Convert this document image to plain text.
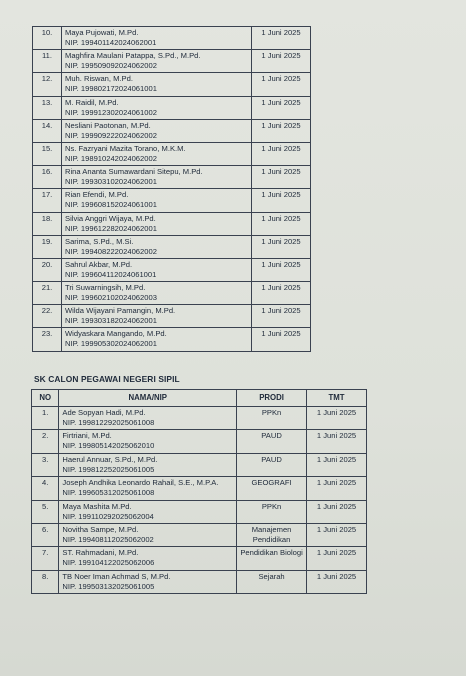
10.	Maya Pujowati, M.Pd.
NIP. 199401142024062001	1 Juni 2025
11.	Maghfira Maulani Patappa, S.Pd., M.Pd.
NIP. 199509092024062002	1 Juni 2025
12.	Muh. Riswan, M.Pd.
NIP. 199802172024061001	1 Juni 2025
13.	M. Raidil, M.Pd.
NIP. 199912302024061002	1 Juni 2025
14.	Nesliani Paotonan, M.Pd.
NIP. 199909222024062002	1 Juni 2025
15.	Ns. Fazryani Mazita Torano, M.K.M.
NIP. 198910242024062002	1 Juni 2025
16.	Rina Ananta Sumawardani Sitepu, M.Pd.
NIP. 199303102024062001	1 Juni 2025
17.	Rian Efendi, M.Pd.
NIP. 199608152024061001	1 Juni 2025
18.	Silvia Anggri Wijaya, M.Pd.
NIP. 199612282024062001	1 Juni 2025
19.	Sarima, S.Pd., M.Si.
NIP. 199408222024062002	1 Juni 2025
20.	Sahrul Akbar, M.Pd.
NIP. 199604112024061001	1 Juni 2025
21.	Tri Suwarningsih, M.Pd.
NIP. 199602102024062003	1 Juni 2025
22.	Wilda Wijayani Pamangin, M.Pd.
NIP. 199303182024062001	1 Juni 2025
23.	Widyaskara Mangando, M.Pd.
NIP. 199905302024062001	1 Juni 2025
SK CALON PEGAWAI NEGERI SIPIL
NO	NAMA/NIP	PRODI	TMT
1.	Ade Sopyan Hadi, M.Pd.
NIP. 199812292025061008	PPKn	1 Juni 2025
2.	Firtriani, M.Pd.
NIP. 199805142025062010	PAUD	1 Juni 2025
3.	Haerul Annuar, S.Pd., M.Pd.
NIP. 199812252025061005	PAUD	1 Juni 2025
4.	Joseph Andhika Leonardo Rahail, S.E., M.P.A.
NIP. 199605312025061008	GEOGRAFI	1 Juni 2025
5.	Maya Mashita M.Pd.
NIP. 199110292025062004	PPKn	1 Juni 2025
6.	Novitha Sampe, M.Pd.
NIP. 199408112025062002	Manajemen Pendidikan	1 Juni 2025
7.	ST. Rahmadani, M.Pd.
NIP. 199104122025062006	Pendidikan Biologi	1 Juni 2025
8.	TB Noer Iman Achmad S, M.Pd.
NIP. 199503132025061005	Sejarah	1 Juni 2025
